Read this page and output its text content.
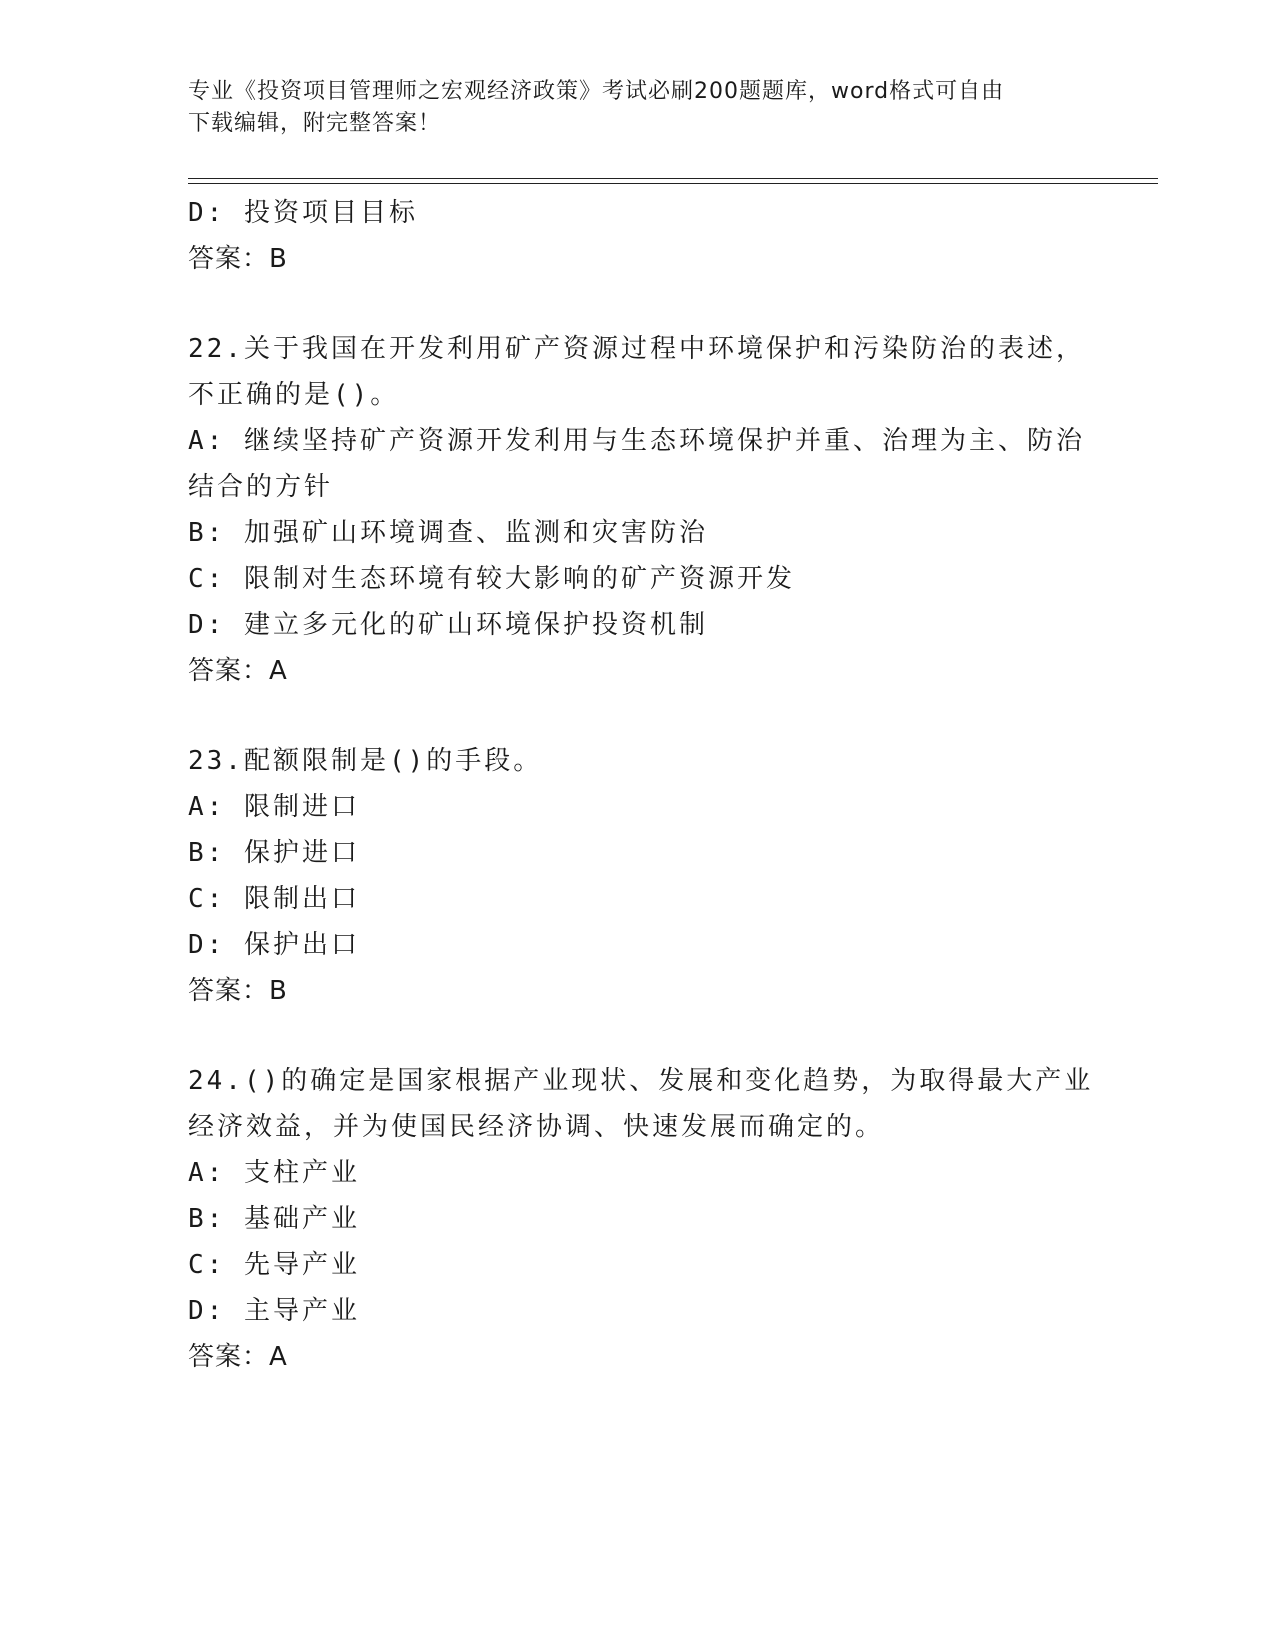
专业《投资项目管理师之宏观经济政策》考试必刷200题题库，word格式可自由
下载编辑，附完整答案！

D: 投资项目目标

答案：B

22.关于我国在开发利用矿产资源过程中环境保护和污染防治的表述，

不正确的是()。

A: 继续坚持矿产资源开发利用与生态环境保护并重、治理为主、防治

结合的方针

B: 加强矿山环境调查、监测和灾害防治

C: 限制对生态环境有较大影响的矿产资源开发

D: 建立多元化的矿山环境保护投资机制

答案：A

23.配额限制是()的手段。

A: 限制进口

B: 保护进口

C: 限制出口

D: 保护出口

答案：B

24.()的确定是国家根据产业现状、发展和变化趋势，为取得最大产业

经济效益，并为使国民经济协调、快速发展而确定的。

A: 支柱产业

B: 基础产业

C: 先导产业

D: 主导产业

答案：A
